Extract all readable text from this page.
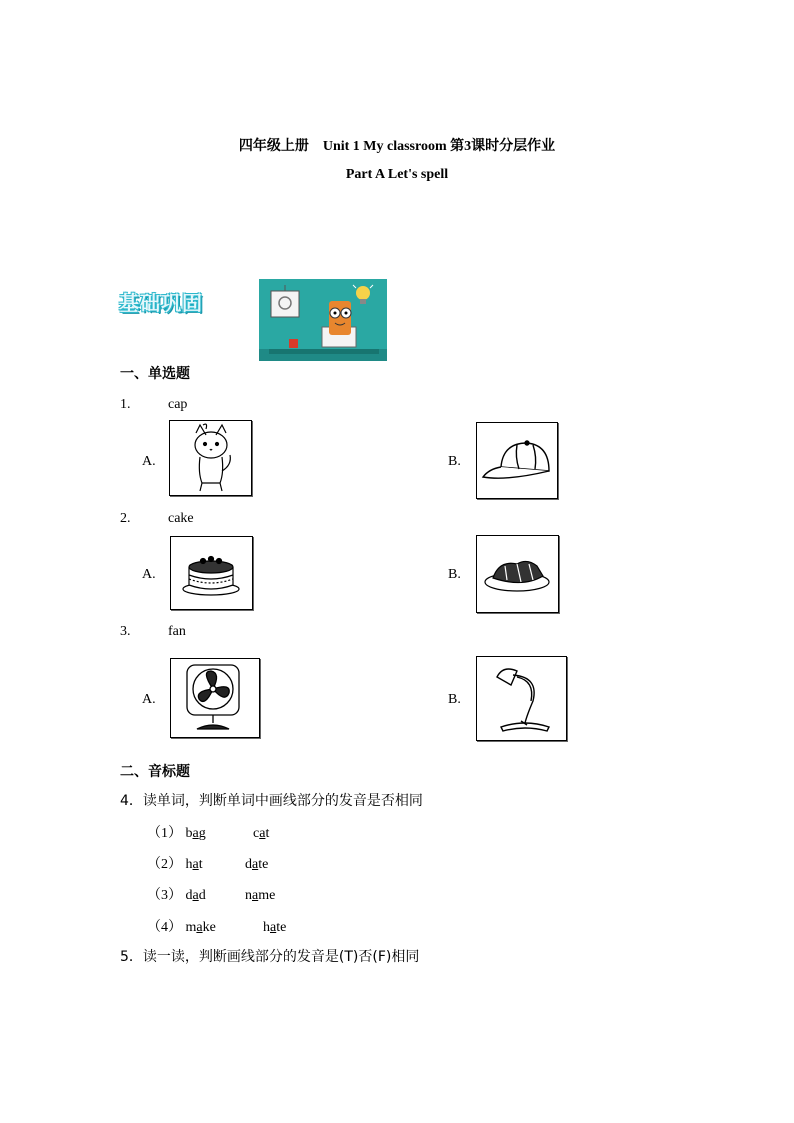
四年级上册　Unit 1 My classroom 第3课时分层作业
Part A Let's spell
基础巩固
一、单选题
1.	cap
A.	B.
2.	cake
A.	B.
3.	fan
A.	B.
二、音标题
4．读单词，判断单词中画线部分的发音是否相同
（1） bag	cat
（2） hat	date
（3） dad	name
（4） make	hate
5．读一读，判断画线部分的发音是(T)否(F)相同
